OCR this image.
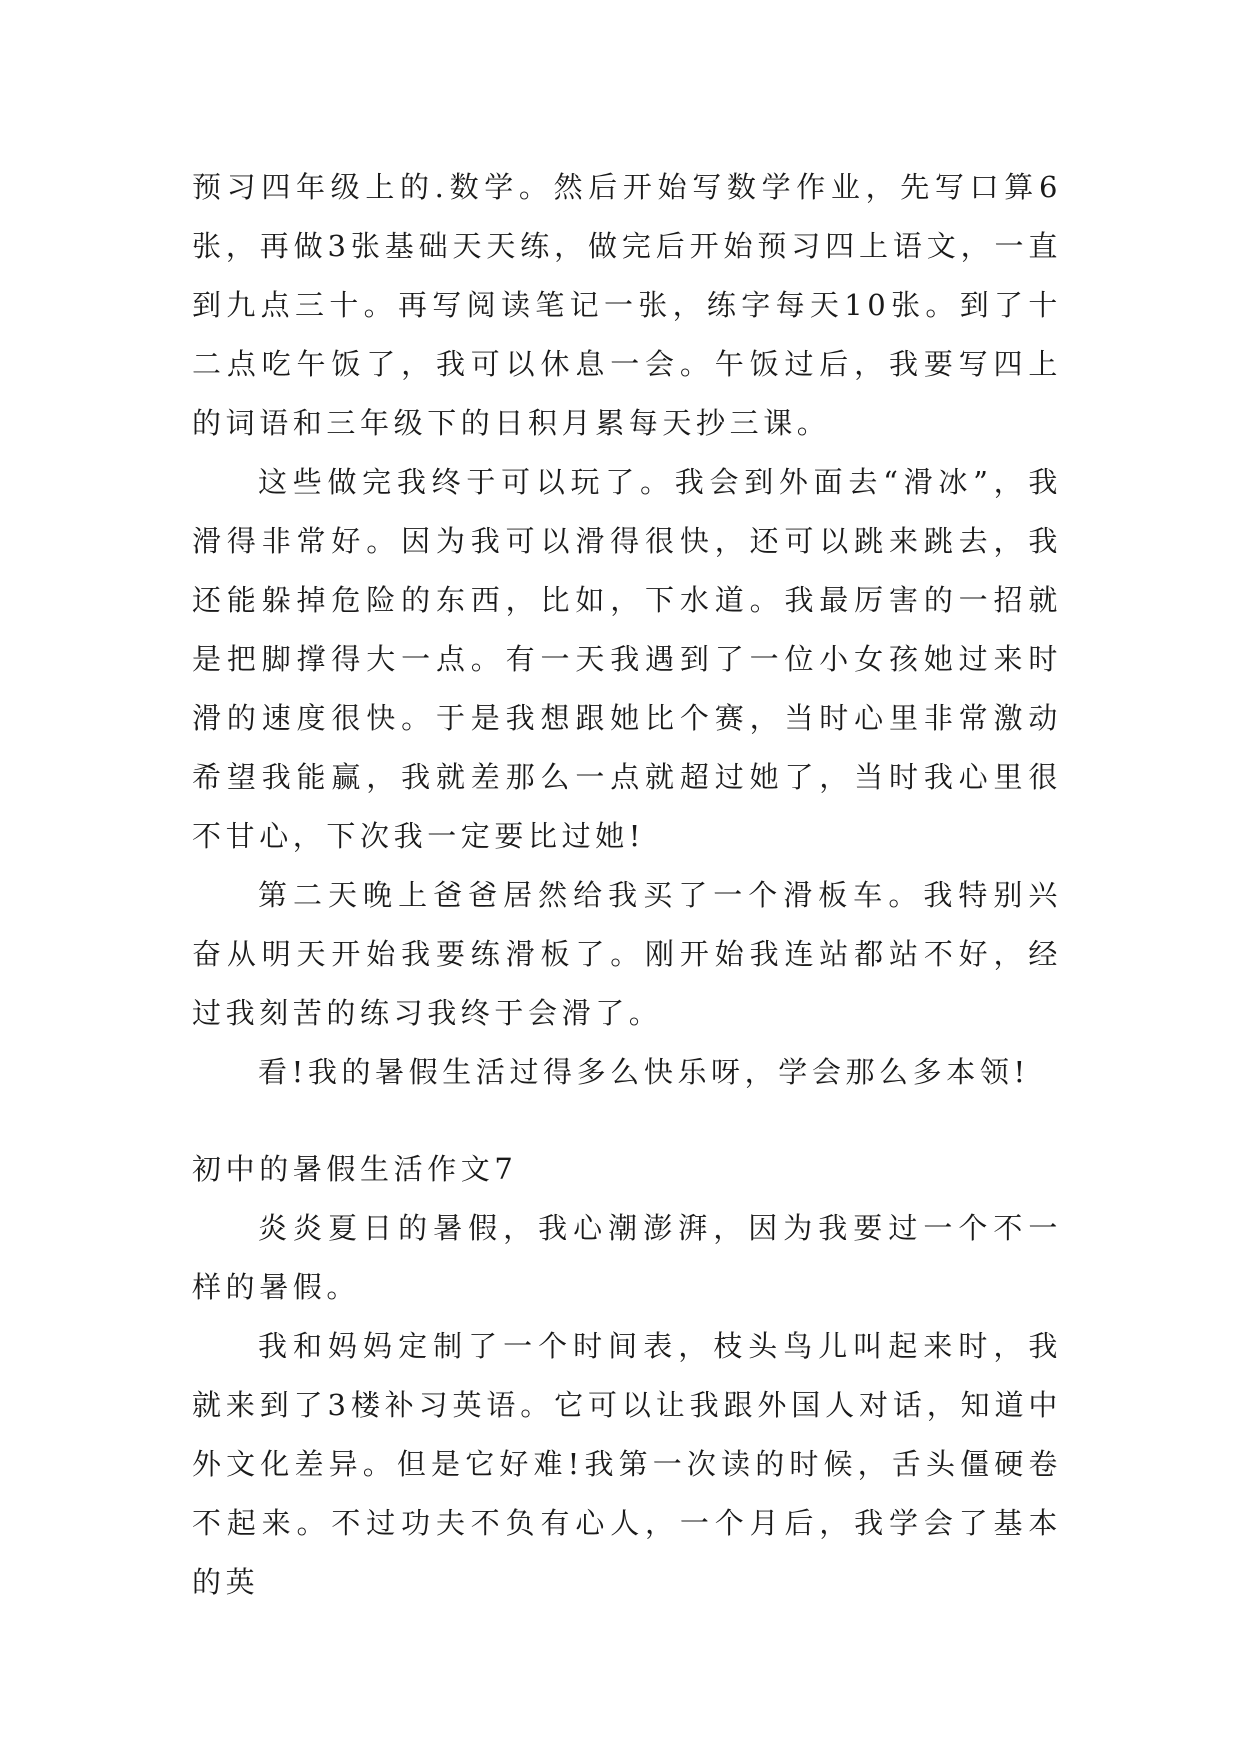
预习四年级上的.数学。然后开始写数学作业，先写口算6张，再做3张基础天天练，做完后开始预习四上语文，一直到九点三十。再写阅读笔记一张，练字每天10张。到了十二点吃午饭了，我可以休息一会。午饭过后，我要写四上的词语和三年级下的日积月累每天抄三课。

这些做完我终于可以玩了。我会到外面去“滑冰”，我滑得非常好。因为我可以滑得很快，还可以跳来跳去，我还能躲掉危险的东西，比如，下水道。我最厉害的一招就是把脚撑得大一点。有一天我遇到了一位小女孩她过来时滑的速度很快。于是我想跟她比个赛，当时心里非常激动希望我能赢，我就差那么一点就超过她了，当时我心里很不甘心，下次我一定要比过她!

第二天晚上爸爸居然给我买了一个滑板车。我特别兴奋从明天开始我要练滑板了。刚开始我连站都站不好，经过我刻苦的练习我终于会滑了。

看!我的暑假生活过得多么快乐呀，学会那么多本领!

初中的暑假生活作文7

炎炎夏日的暑假，我心潮澎湃，因为我要过一个不一样的暑假。

我和妈妈定制了一个时间表，枝头鸟儿叫起来时，我就来到了3楼补习英语。它可以让我跟外国人对话，知道中外文化差异。但是它好难!我第一次读的时候，舌头僵硬卷不起来。不过功夫不负有心人，一个月后，我学会了基本的英
